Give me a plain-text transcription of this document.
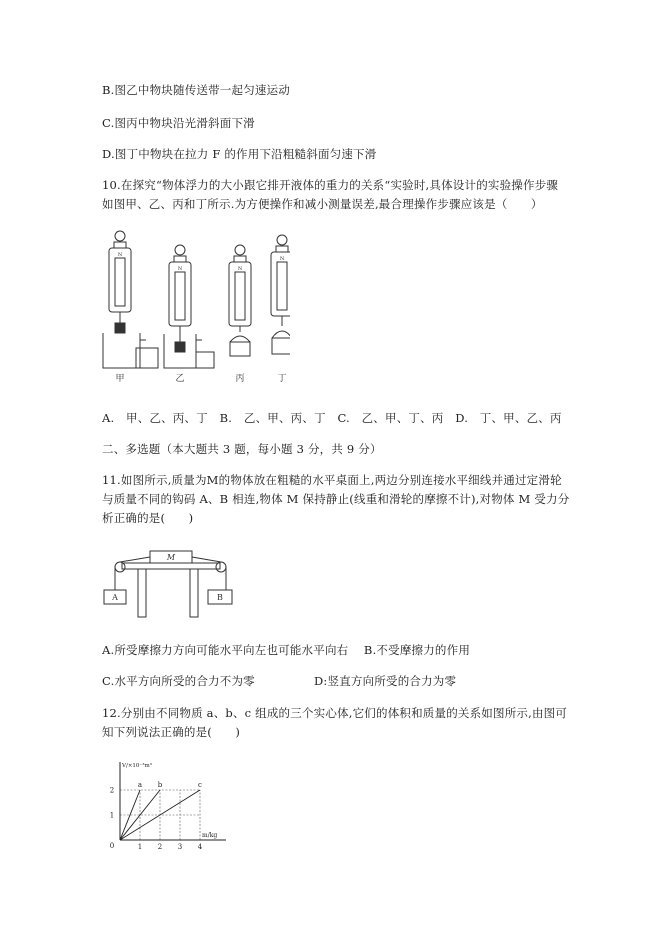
B.图乙中物块随传送带一起匀速运动
C.图丙中物块沿光滑斜面下滑
D.图丁中物块在拉力 F 的作用下沿粗糙斜面匀速下滑
10.在探究“物体浮力的大小跟它排开液体的重力的关系“实验时,具体设计的实验操作步骤
如图甲、乙、丙和丁所示.为方便操作和减小测量误差,最合理操作步骤应该是（　　）
N
N	N
N
甲	乙	丙	丁
A.　甲、乙、丙、丁　B.　乙、甲、丙、丁　C.　乙、甲、丁、丙　D.　丁、甲、乙、丙
二、多选题（本大题共 3 题，每小题 3 分，共 9 分）
11.如图所示,质量为M的物体放在粗糙的水平桌面上,两边分别连接水平细线并通过定滑轮
与质量不同的钩码 A、B 相连,物体 M 保持静止(线重和滑轮的摩擦不计),对物体 M 受力分
析正确的是(　　)
M
A	B
A.所受摩擦力方向可能水平向左也可能水平向右　 B.不受摩擦力的作用
C.水平方向所受的合力不为零	D:竖直方向所受的合力为零
12.分别由不同物质 a、b、c 组成的三个实心体,它们的体积和质量的关系如图所示,由图可
知下列说法正确的是(　　)
a b	c
1 2 3 4
1
2
0
V/×10⁻³m³
m/kg
